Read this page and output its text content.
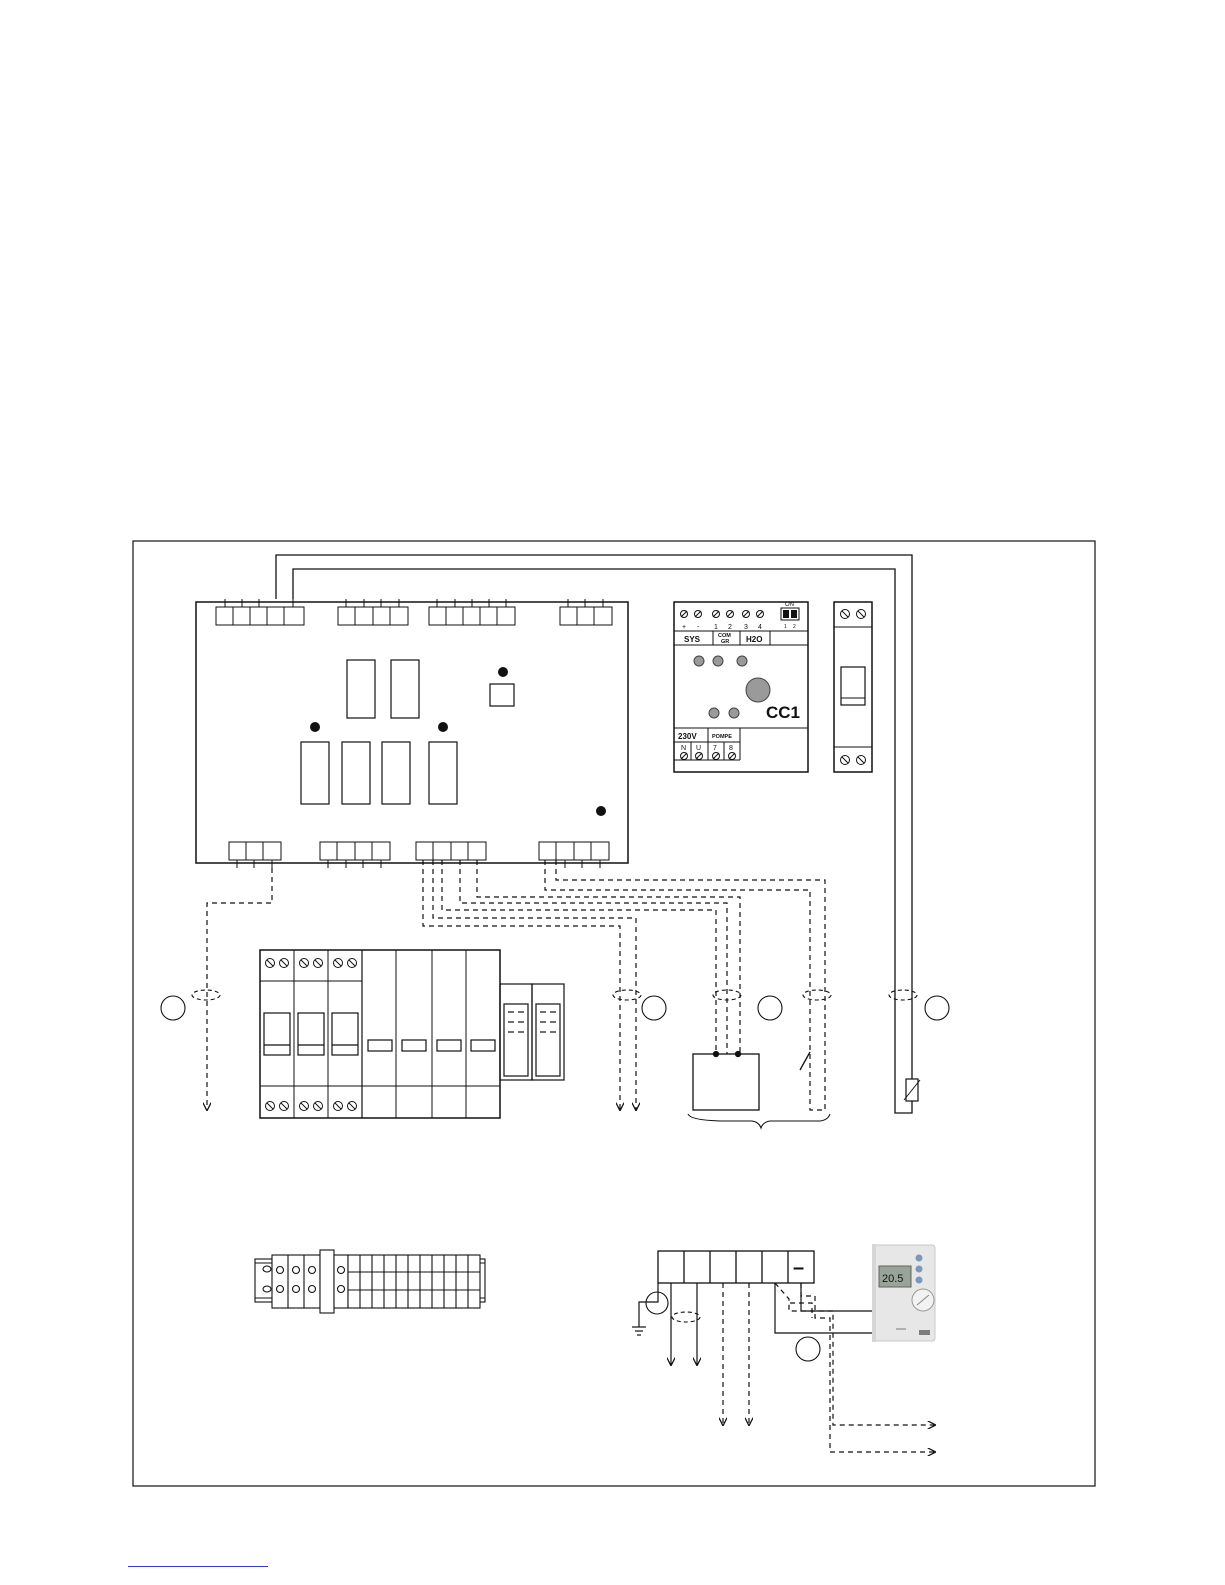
ON
1 2
+ - 1 2 3 4
SYS	COM
GR H2O
CC1
230V	POMPE
N U 7 8
–	20.5
